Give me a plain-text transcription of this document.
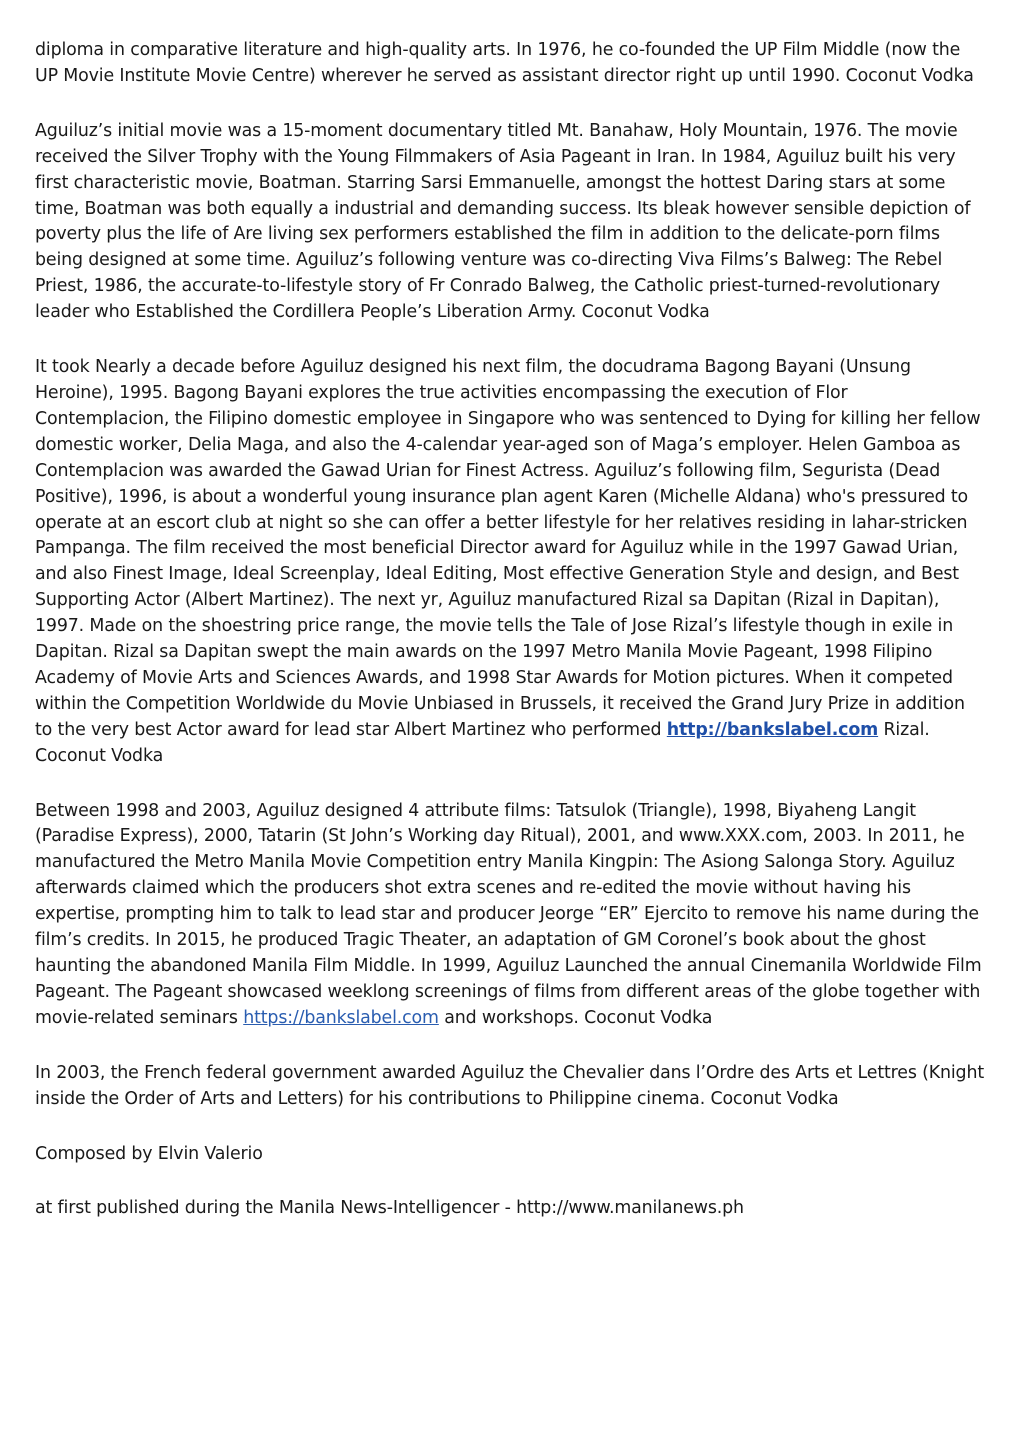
diploma in comparative literature and high-quality arts. In 1976, he co-founded the UP Film Middle (now the UP Movie Institute Movie Centre) wherever he served as assistant director right up until 1990. Coconut Vodka

Aguiluz’s initial movie was a 15-moment documentary titled Mt. Banahaw, Holy Mountain, 1976. The movie received the Silver Trophy with the Young Filmmakers of Asia Pageant in Iran. In 1984, Aguiluz built his very first characteristic movie, Boatman. Starring Sarsi Emmanuelle, amongst the hottest Daring stars at some time, Boatman was both equally a industrial and demanding success. Its bleak however sensible depiction of poverty plus the life of Are living sex performers established the film in addition to the delicate-porn films being designed at some time. Aguiluz’s following venture was co-directing Viva Films’s Balweg: The Rebel Priest, 1986, the accurate-to-lifestyle story of Fr Conrado Balweg, the Catholic priest-turned-revolutionary leader who Established the Cordillera People’s Liberation Army. Coconut Vodka

It took Nearly a decade before Aguiluz designed his next film, the docudrama Bagong Bayani (Unsung Heroine), 1995. Bagong Bayani explores the true activities encompassing the execution of Flor Contemplacion, the Filipino domestic employee in Singapore who was sentenced to Dying for killing her fellow domestic worker, Delia Maga, and also the 4-calendar year-aged son of Maga’s employer. Helen Gamboa as Contemplacion was awarded the Gawad Urian for Finest Actress. Aguiluz’s following film, Segurista (Dead Positive), 1996, is about a wonderful young insurance plan agent Karen (Michelle Aldana) who's pressured to operate at an escort club at night so she can offer a better lifestyle for her relatives residing in lahar-stricken Pampanga. The film received the most beneficial Director award for Aguiluz while in the 1997 Gawad Urian, and also Finest Image, Ideal Screenplay, Ideal Editing, Most effective Generation Style and design, and Best Supporting Actor (Albert Martinez). The next yr, Aguiluz manufactured Rizal sa Dapitan (Rizal in Dapitan), 1997. Made on the shoestring price range, the movie tells the Tale of Jose Rizal’s lifestyle though in exile in Dapitan. Rizal sa Dapitan swept the main awards on the 1997 Metro Manila Movie Pageant, 1998 Filipino Academy of Movie Arts and Sciences Awards, and 1998 Star Awards for Motion pictures. When it competed within the Competition Worldwide du Movie Unbiased in Brussels, it received the Grand Jury Prize in addition to the very best Actor award for lead star Albert Martinez who performed http://bankslabel.com Rizal. Coconut Vodka

Between 1998 and 2003, Aguiluz designed 4 attribute films: Tatsulok (Triangle), 1998, Biyaheng Langit (Paradise Express), 2000, Tatarin (St John’s Working day Ritual), 2001, and www.XXX.com, 2003. In 2011, he manufactured the Metro Manila Movie Competition entry Manila Kingpin: The Asiong Salonga Story. Aguiluz afterwards claimed which the producers shot extra scenes and re-edited the movie without having his expertise, prompting him to talk to lead star and producer Jeorge “ER” Ejercito to remove his name during the film’s credits. In 2015, he produced Tragic Theater, an adaptation of GM Coronel’s book about the ghost haunting the abandoned Manila Film Middle. In 1999, Aguiluz Launched the annual Cinemanila Worldwide Film Pageant. The Pageant showcased weeklong screenings of films from different areas of the globe together with movie-related seminars https://bankslabel.com and workshops. Coconut Vodka

In 2003, the French federal government awarded Aguiluz the Chevalier dans l’Ordre des Arts et Lettres (Knight inside the Order of Arts and Letters) for his contributions to Philippine cinema. Coconut Vodka

Composed by Elvin Valerio

at first published during the Manila News-Intelligencer - http://www.manilanews.ph
